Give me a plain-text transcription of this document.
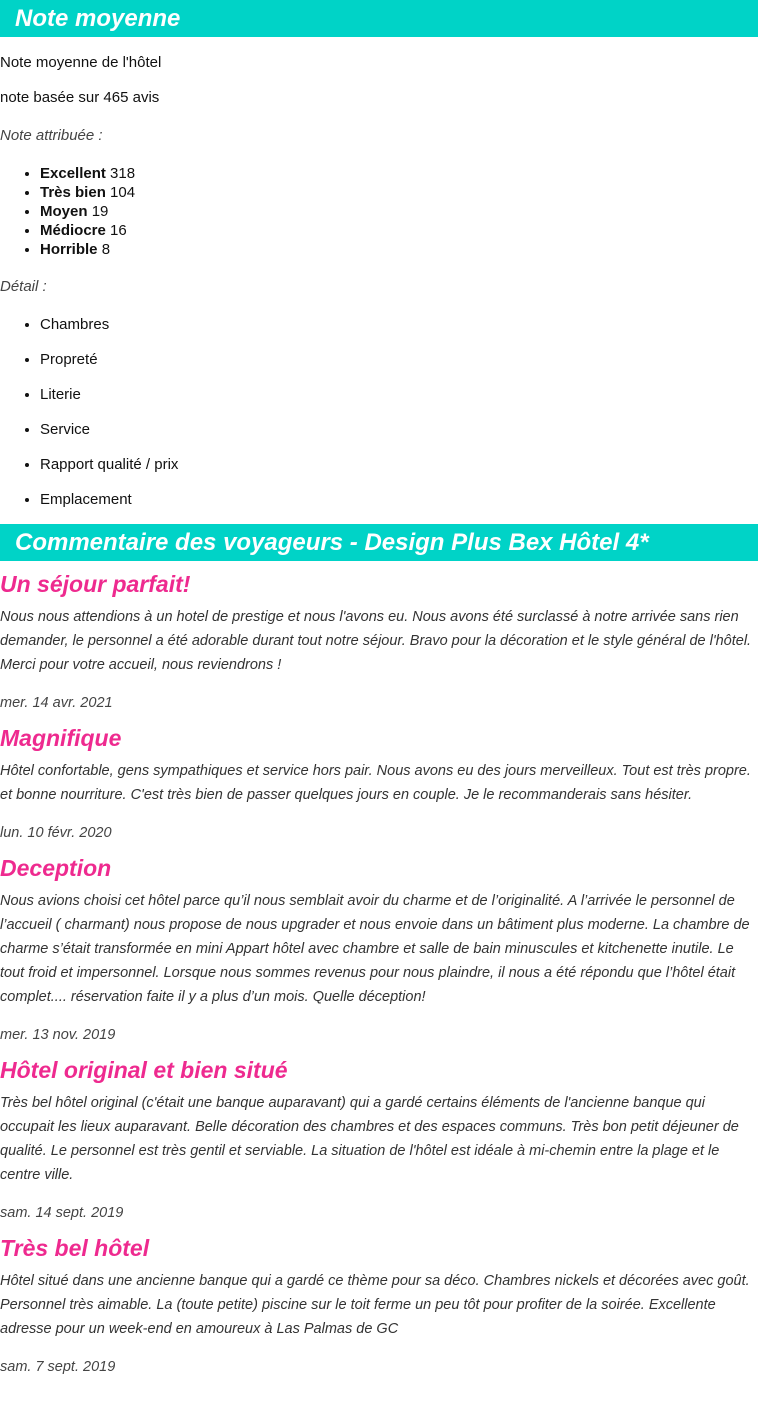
Note moyenne

Note moyenne de l'hôtel

note basée sur 465 avis

Note attribuée :

• Excellent 318
• Très bien 104
• Moyen 19
• Médiocre 16
• Horrible 8

Détail :

• Chambres
• Propreté
• Literie
• Service
• Rapport qualité / prix
• Emplacement
Commentaire des voyageurs - Design Plus Bex Hôtel 4*
Un séjour parfait!

Nous nous attendions à un hotel de prestige et nous l'avons eu. Nous avons été surclassé à notre arrivée sans rien demander, le personnel a été adorable durant tout notre séjour. Bravo pour la décoration et le style général de l'hôtel. Merci pour votre accueil, nous reviendrons !

mer. 14 avr. 2021

Magnifique

Hôtel confortable, gens sympathiques et service hors pair. Nous avons eu des jours merveilleux. Tout est très propre. et bonne nourriture. C'est très bien de passer quelques jours en couple. Je le recommanderais sans hésiter.

lun. 10 févr. 2020

Deception

Nous avions choisi cet hôtel parce qu’il nous semblait avoir du charme et de l’originalité. A l’arrivée le personnel de l’accueil ( charmant) nous propose de nous upgrader et nous envoie dans un bâtiment plus moderne. La chambre de charme s’était transformée en mini Appart hôtel avec chambre et salle de bain minuscules et kitchenette inutile. Le tout froid et impersonnel. Lorsque nous sommes revenus pour nous plaindre, il nous a été répondu que l’hôtel était complet.... réservation faite il y a plus d’un mois. Quelle déception!

mer. 13 nov. 2019

Hôtel original et bien situé

Très bel hôtel original (c'était une banque auparavant) qui a gardé certains éléments de l'ancienne banque qui occupait les lieux auparavant. Belle décoration des chambres et des espaces communs. Très bon petit déjeuner de qualité. Le personnel est très gentil et serviable. La situation de l'hôtel est idéale à mi-chemin entre la plage et le centre ville.

sam. 14 sept. 2019

Très bel hôtel

Hôtel situé dans une ancienne banque qui a gardé ce thème pour sa déco. Chambres nickels et décorées avec goût. Personnel très aimable. La (toute petite) piscine sur le toit ferme un peu tôt pour profiter de la soirée. Excellente adresse pour un week-end en amoureux à Las Palmas de GC

sam. 7 sept. 2019
